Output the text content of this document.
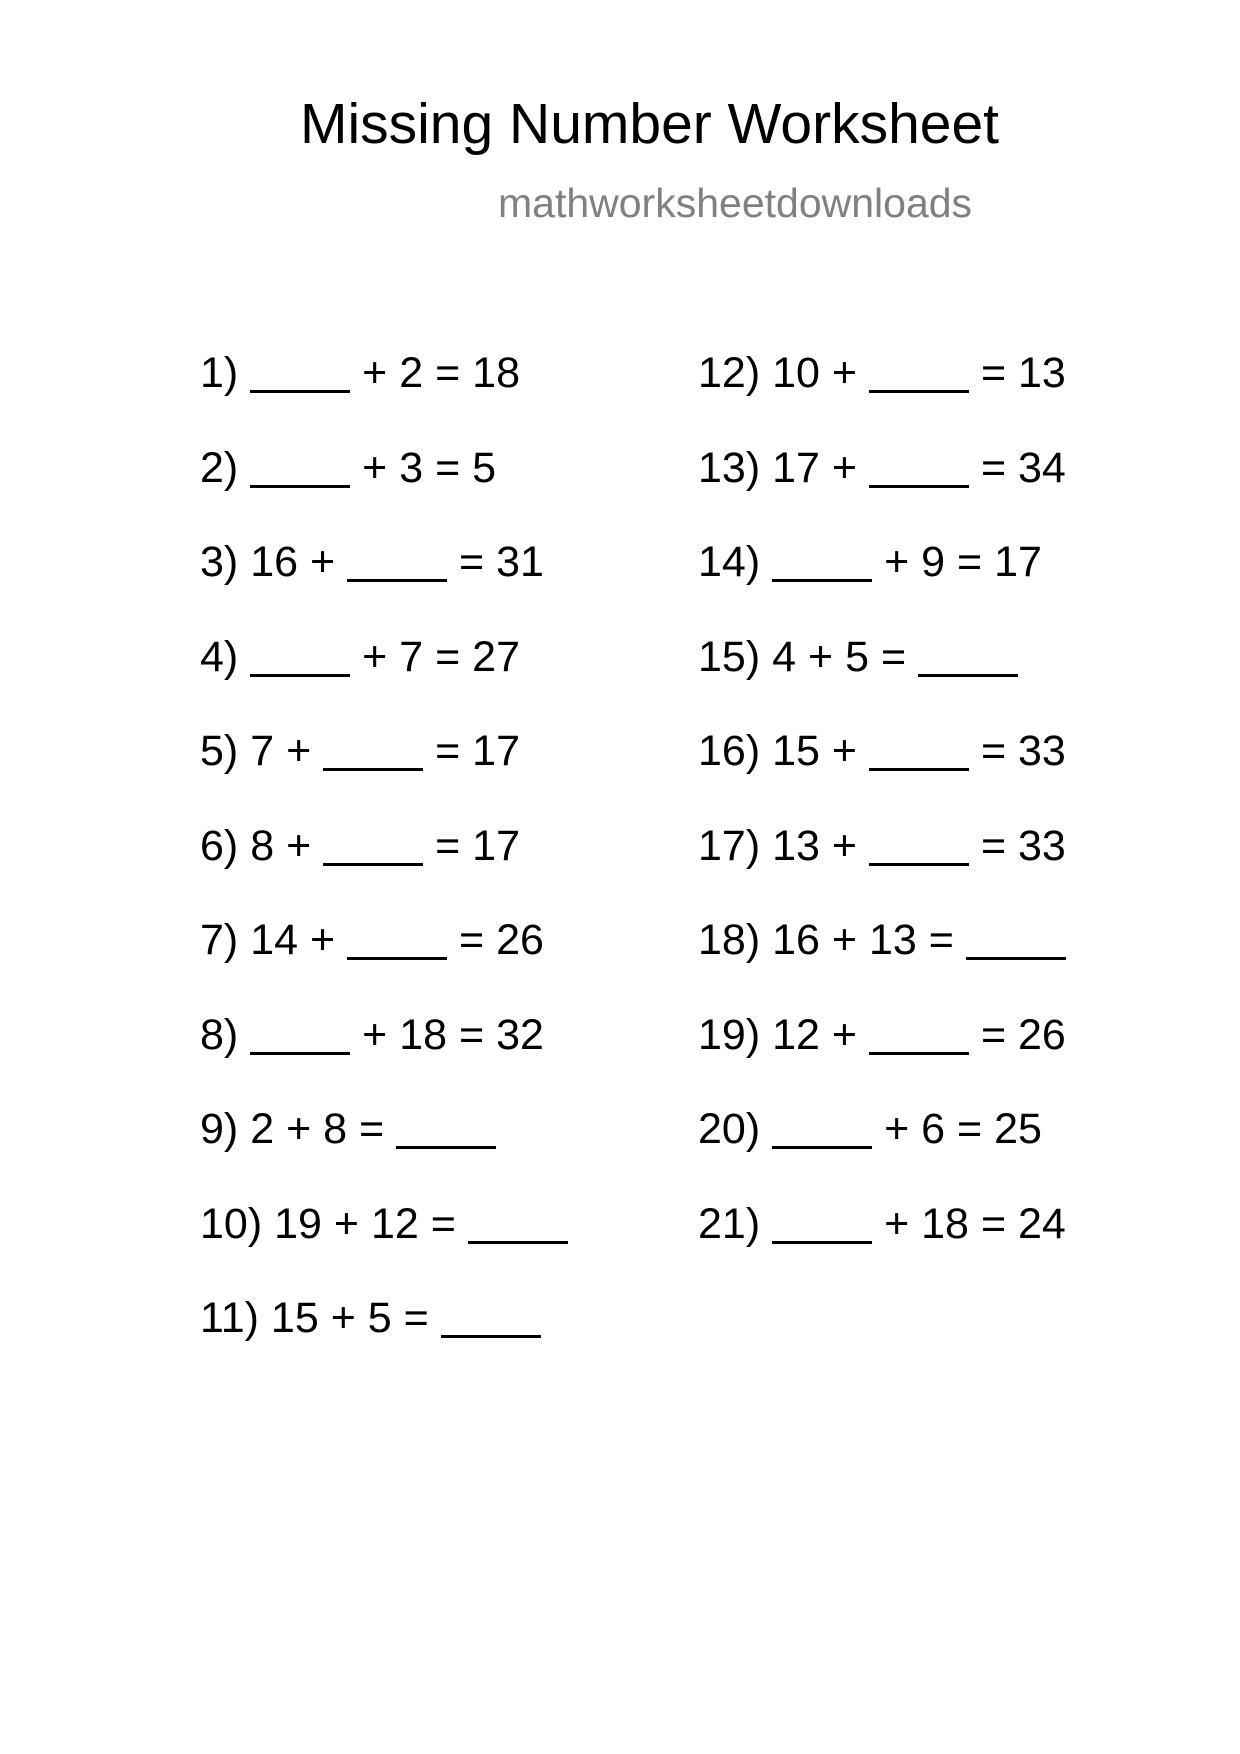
Missing Number Worksheet
mathworksheetdownloads
1)	+ 2 = 18
2)	+ 3 = 5
3) 16 +	= 31
4)	+ 7 = 27
5) 7 +	= 17
6) 8 +	= 17
7) 14 +	= 26
8)	+ 18 = 32
9) 2 + 8 =
10) 19 + 12 =
11) 15 + 5 =
12) 10 +	= 13
13) 17 +	= 34
14)	+ 9 = 17
15) 4 + 5 =
16) 15 +	= 33
17) 13 +	= 33
18) 16 + 13 =
19) 12 +	= 26
20)	+ 6 = 25
21)	+ 18 = 24
